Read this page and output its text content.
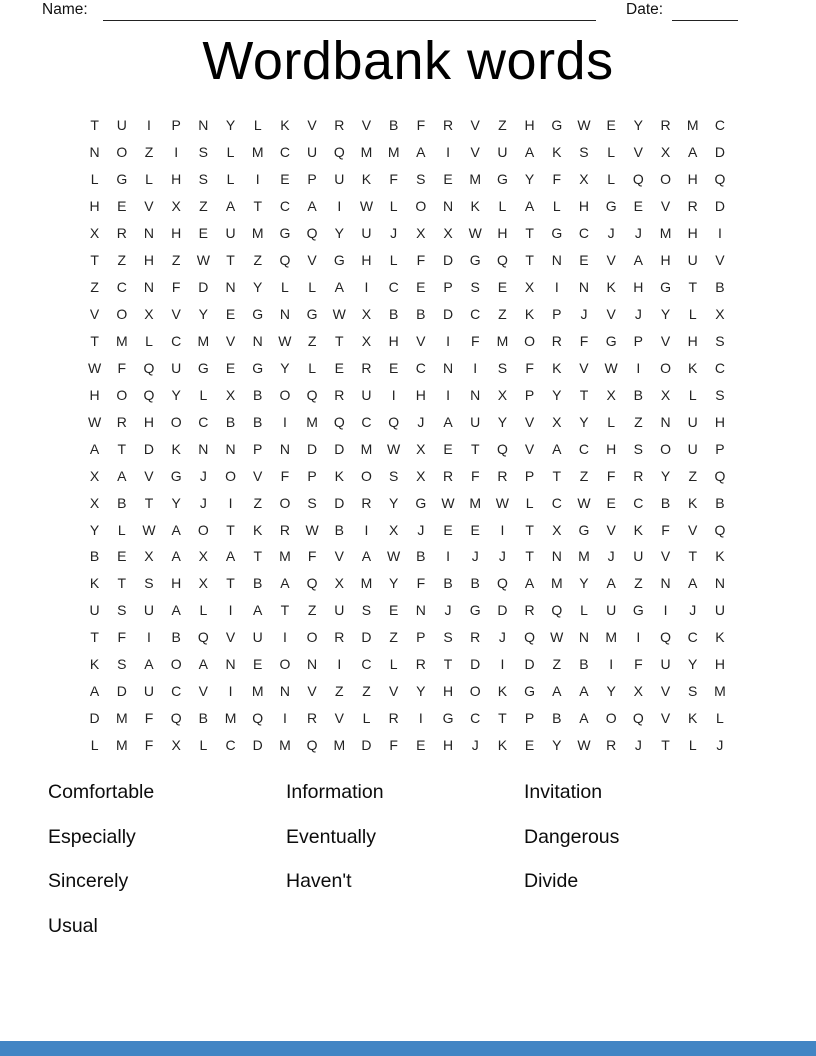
Name:	Date:
Wordbank words
T	U	I	P	N	Y	L	K	V	R	V	B	F	R	V	Z	H	G	W	E	Y	R	M	C
N	O	Z	I	S	L	M	C	U	Q	M	M	A	I	V	U	A	K	S	L	V	X	A	D
L	G	L	H	S	L	I	E	P	U	K	F	S	E	M	G	Y	F	X	L	Q	O	H	Q
H	E	V	X	Z	A	T	C	A	I	W	L	O	N	K	L	A	L	H	G	E	V	R	D
X	R	N	H	E	U	M	G	Q	Y	U	J	X	X	W	H	T	G	C	J	J	M	H	I
T	Z	H	Z	W	T	Z	Q	V	G	H	L	F	D	G	Q	T	N	E	V	A	H	U	V
Z	C	N	F	D	N	Y	L	L	A	I	C	E	P	S	E	X	I	N	K	H	G	T	B
V	O	X	V	Y	E	G	N	G	W	X	B	B	D	C	Z	K	P	J	V	J	Y	L	X
T	M	L	C	M	V	N	W	Z	T	X	H	V	I	F	M	O	R	F	G	P	V	H	S
W	F	Q	U	G	E	G	Y	L	E	R	E	C	N	I	S	F	K	V	W	I	O	K	C
H	O	Q	Y	L	X	B	O	Q	R	U	I	H	I	N	X	P	Y	T	X	B	X	L	S
W	R	H	O	C	B	B	I	M	Q	C	Q	J	A	U	Y	V	X	Y	L	Z	N	U	H
A	T	D	K	N	N	P	N	D	D	M	W	X	E	T	Q	V	A	C	H	S	O	U	P
X	A	V	G	J	O	V	F	P	K	O	S	X	R	F	R	P	T	Z	F	R	Y	Z	Q
X	B	T	Y	J	I	Z	O	S	D	R	Y	G	W	M	W	L	C	W	E	C	B	K	B
Y	L	W	A	O	T	K	R	W	B	I	X	J	E	E	I	T	X	G	V	K	F	V	Q
B	E	X	A	X	A	T	M	F	V	A	W	B	I	J	J	T	N	M	J	U	V	T	K
K	T	S	H	X	T	B	A	Q	X	M	Y	F	B	B	Q	A	M	Y	A	Z	N	A	N
U	S	U	A	L	I	A	T	Z	U	S	E	N	J	G	D	R	Q	L	U	G	I	J	U
T	F	I	B	Q	V	U	I	O	R	D	Z	P	S	R	J	Q	W	N	M	I	Q	C	K
K	S	A	O	A	N	E	O	N	I	C	L	R	T	D	I	D	Z	B	I	F	U	Y	H
A	D	U	C	V	I	M	N	V	Z	Z	V	Y	H	O	K	G	A	A	Y	X	V	S	M
D	M	F	Q	B	M	Q	I	R	V	L	R	I	G	C	T	P	B	A	O	Q	V	K	L
L	M	F	X	L	C	D	M	Q	M	D	F	E	H	J	K	E	Y	W	R	J	T	L	J
Comfortable
Especially
Sincerely
Usual
Information
Eventually
Haven't
Invitation
Dangerous
Divide
